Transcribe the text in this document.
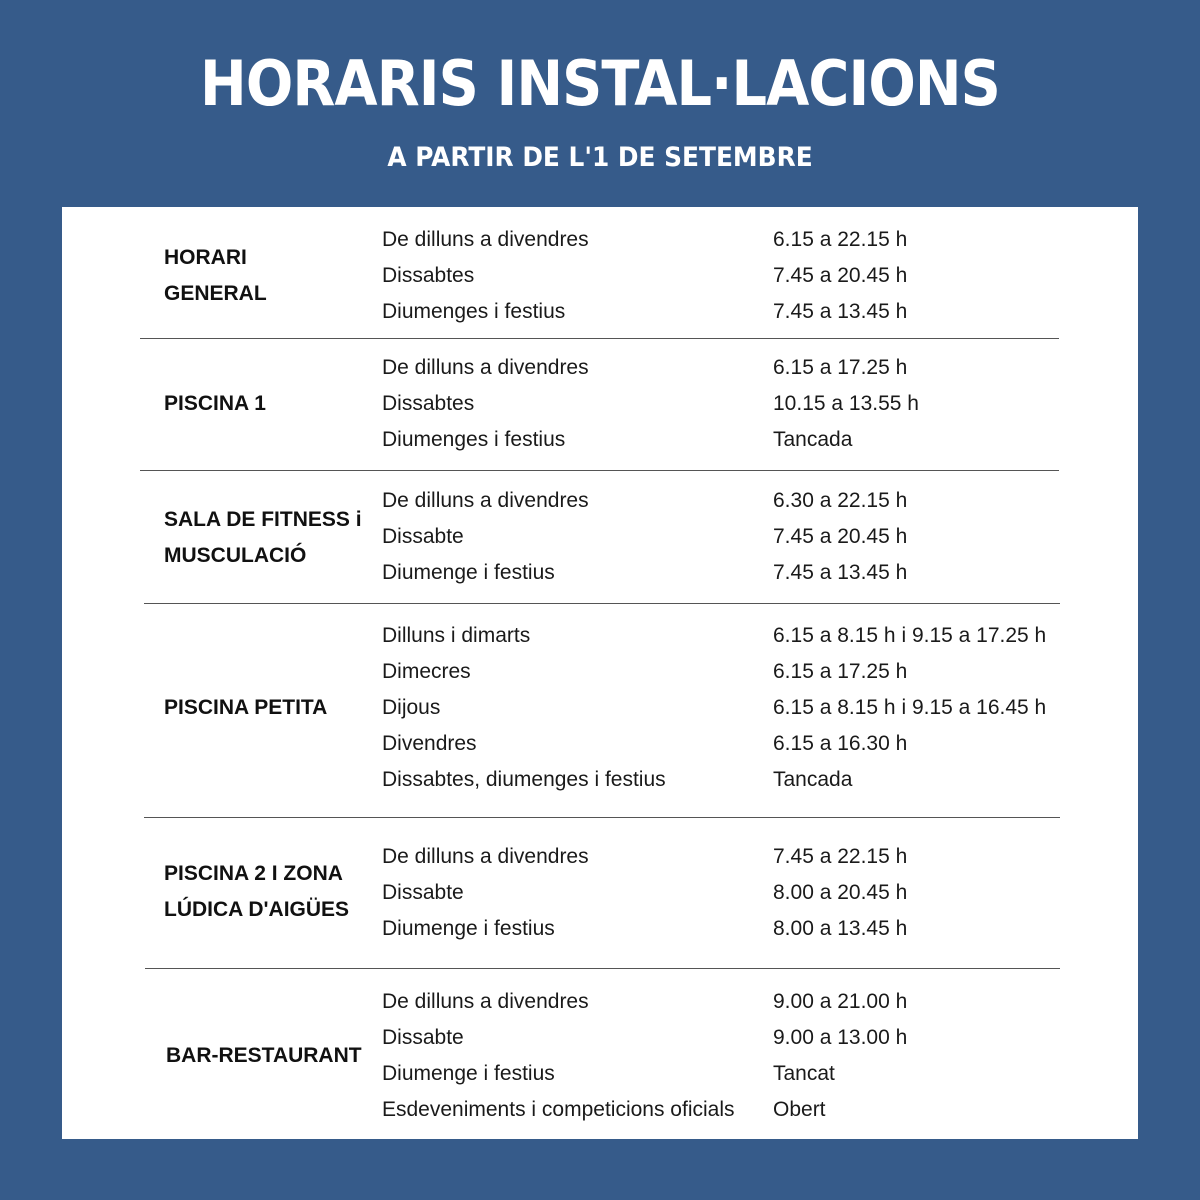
HORARIS INSTAL·LACIONS
A PARTIR DE L'1 DE SETEMBRE
HORARI
GENERAL
De dilluns a divendres	6.15 a 22.15 h
Dissabtes	7.45 a 20.45 h
Diumenges i festius	7.45 a 13.45 h
PISCINA 1
De dilluns a divendres	6.15 a 17.25 h
Dissabtes	10.15 a 13.55 h
Diumenges i festius	Tancada
SALA DE FITNESS i
MUSCULACIÓ
De dilluns a divendres	6.30 a 22.15 h
Dissabte	7.45 a 20.45 h
Diumenge i festius	7.45 a 13.45 h
PISCINA PETITA
Dilluns i dimarts	6.15 a 8.15 h i 9.15 a 17.25 h
Dimecres	6.15 a 17.25 h
Dijous	6.15 a 8.15 h i 9.15 a 16.45 h
Divendres	6.15 a 16.30 h
Dissabtes, diumenges i festius	Tancada
PISCINA 2 I ZONA
LÚDICA D'AIGÜES
De dilluns a divendres	7.45 a 22.15 h
Dissabte	8.00 a 20.45 h
Diumenge i festius	8.00 a 13.45 h
BAR-RESTAURANT
De dilluns a divendres	9.00 a 21.00 h
Dissabte	9.00 a 13.00 h
Diumenge i festius	Tancat
Esdeveniments i competicions oficials Obert
